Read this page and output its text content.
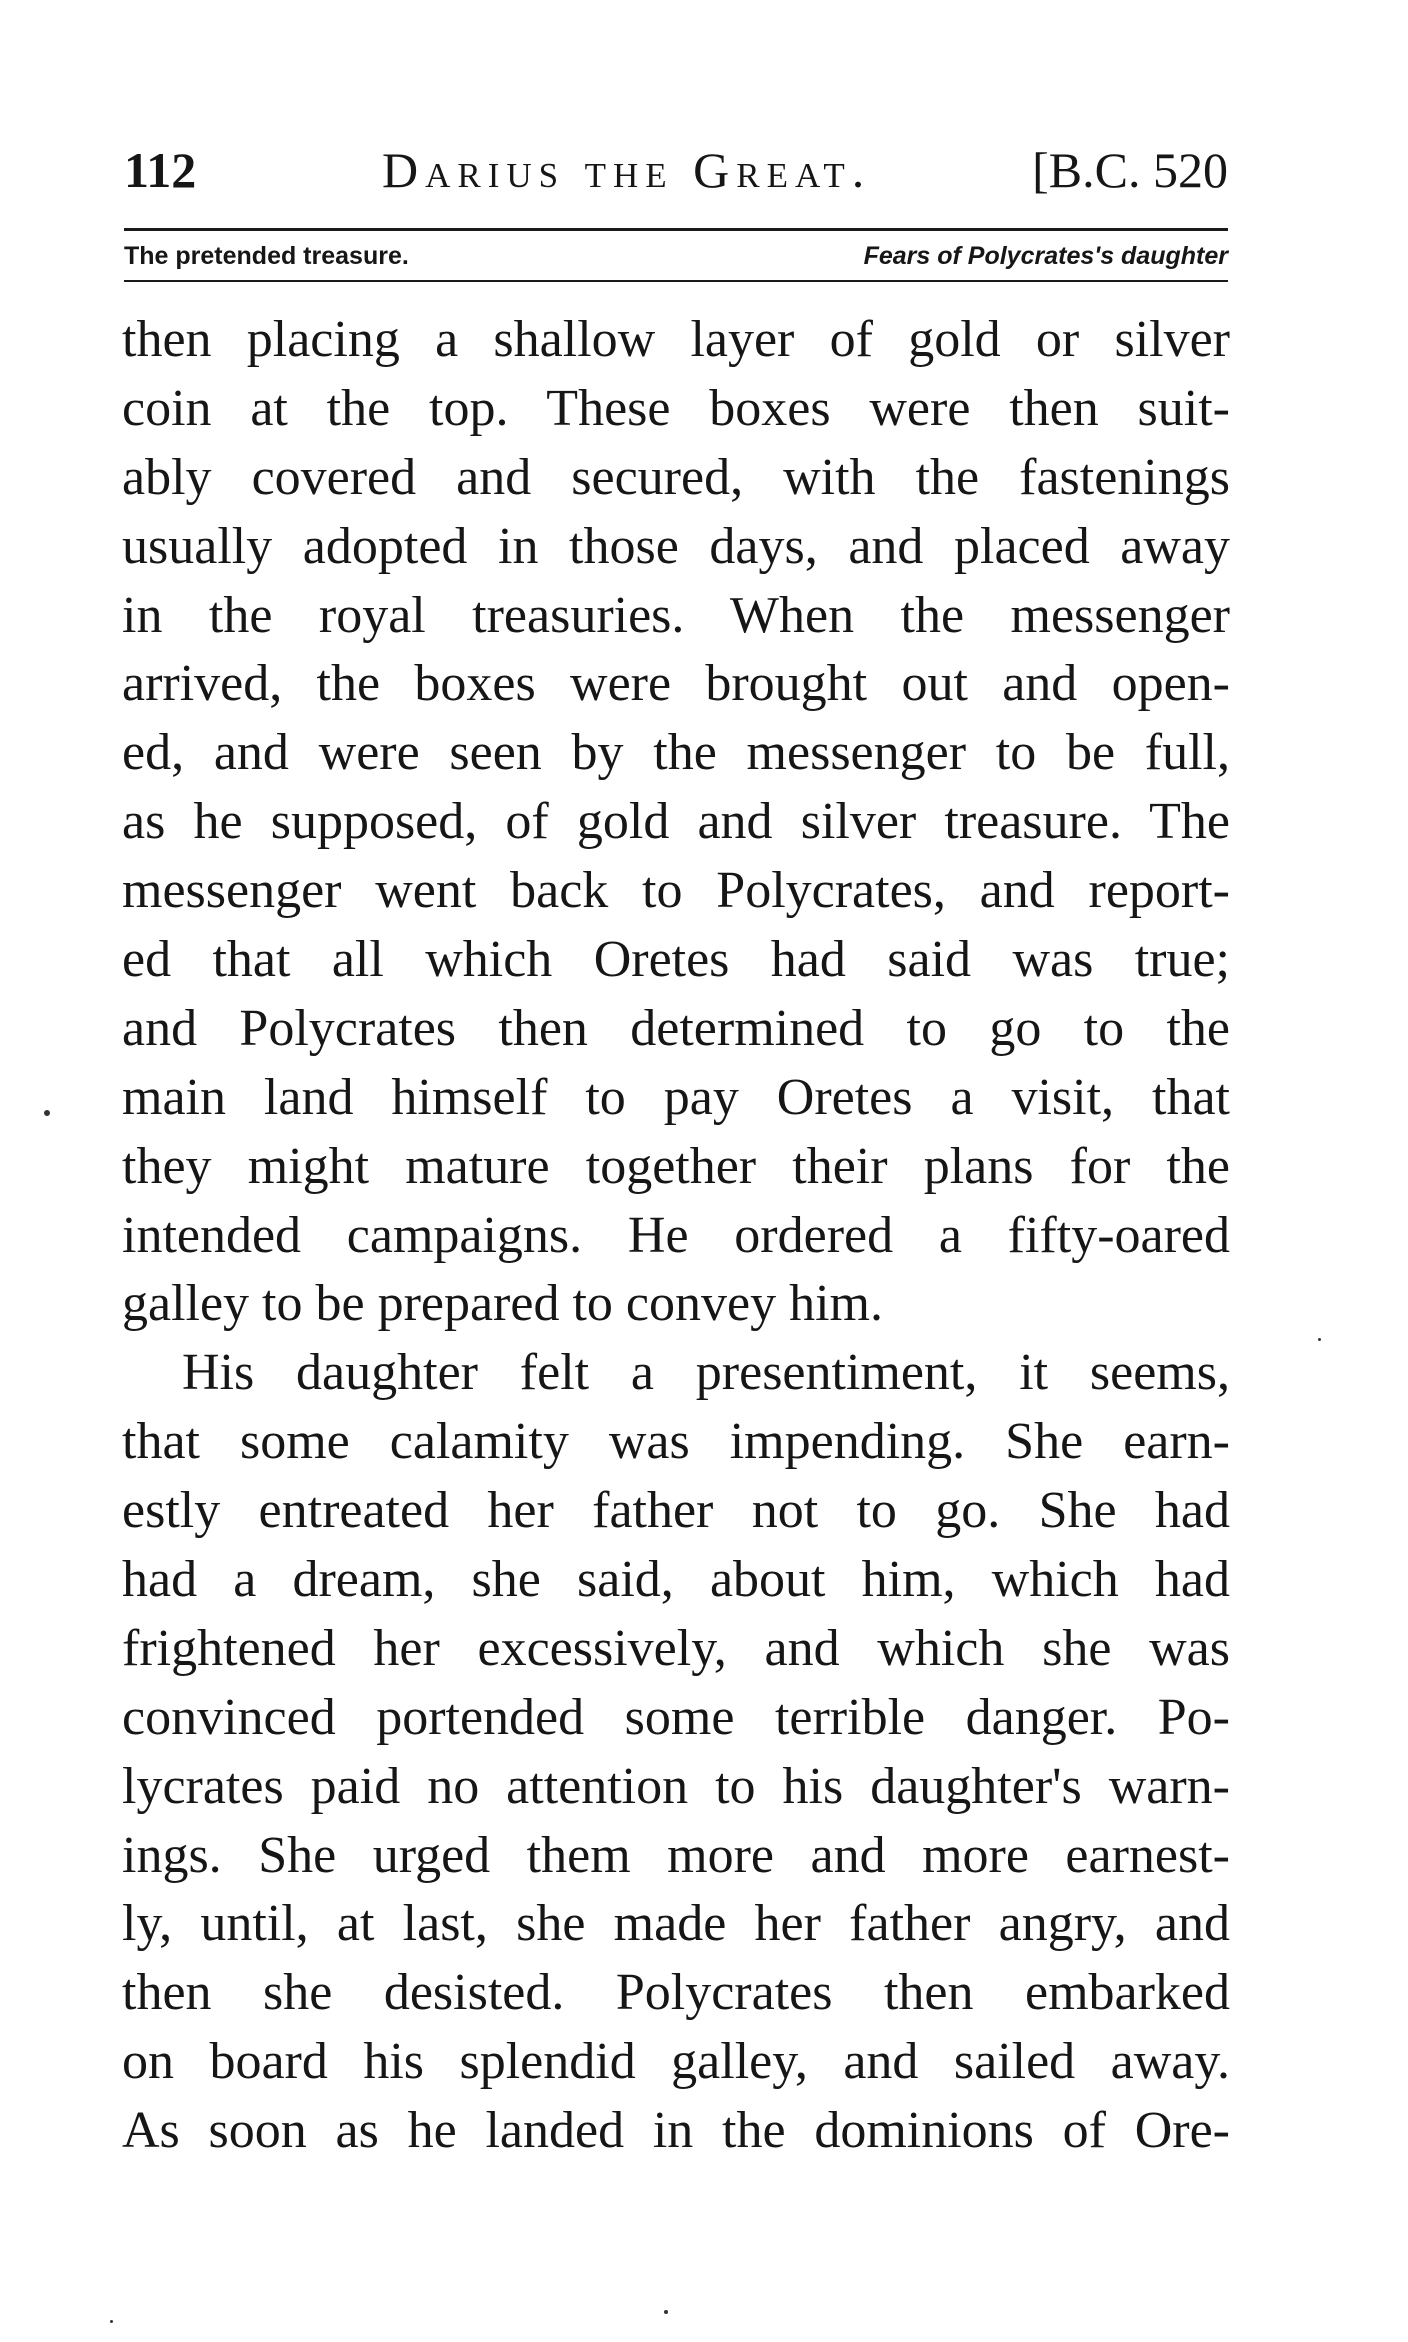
112	Darius the Great.	[B.C. 520
The pretended treasure.	Fears of Polycrates's daughter
then placing a shallow layer of gold or silver
coin at the top. These boxes were then suit-
ably covered and secured, with the fastenings
usually adopted in those days, and placed away
in the royal treasuries. When the messenger
arrived, the boxes were brought out and open-
ed, and were seen by the messenger to be full,
as he supposed, of gold and silver treasure. The
messenger went back to Polycrates, and report-
ed that all which Oretes had said was true;
and Polycrates then determined to go to the
main land himself to pay Oretes a visit, that
they might mature together their plans for the
intended campaigns. He ordered a fifty-oared
galley to be prepared to convey him.
His daughter felt a presentiment, it seems,
that some calamity was impending. She earn-
estly entreated her father not to go. She had
had a dream, she said, about him, which had
frightened her excessively, and which she was
convinced portended some terrible danger. Po-
lycrates paid no attention to his daughter's warn-
ings. She urged them more and more earnest-
ly, until, at last, she made her father angry, and
then she desisted. Polycrates then embarked
on board his splendid galley, and sailed away.
As soon as he landed in the dominions of Ore-
